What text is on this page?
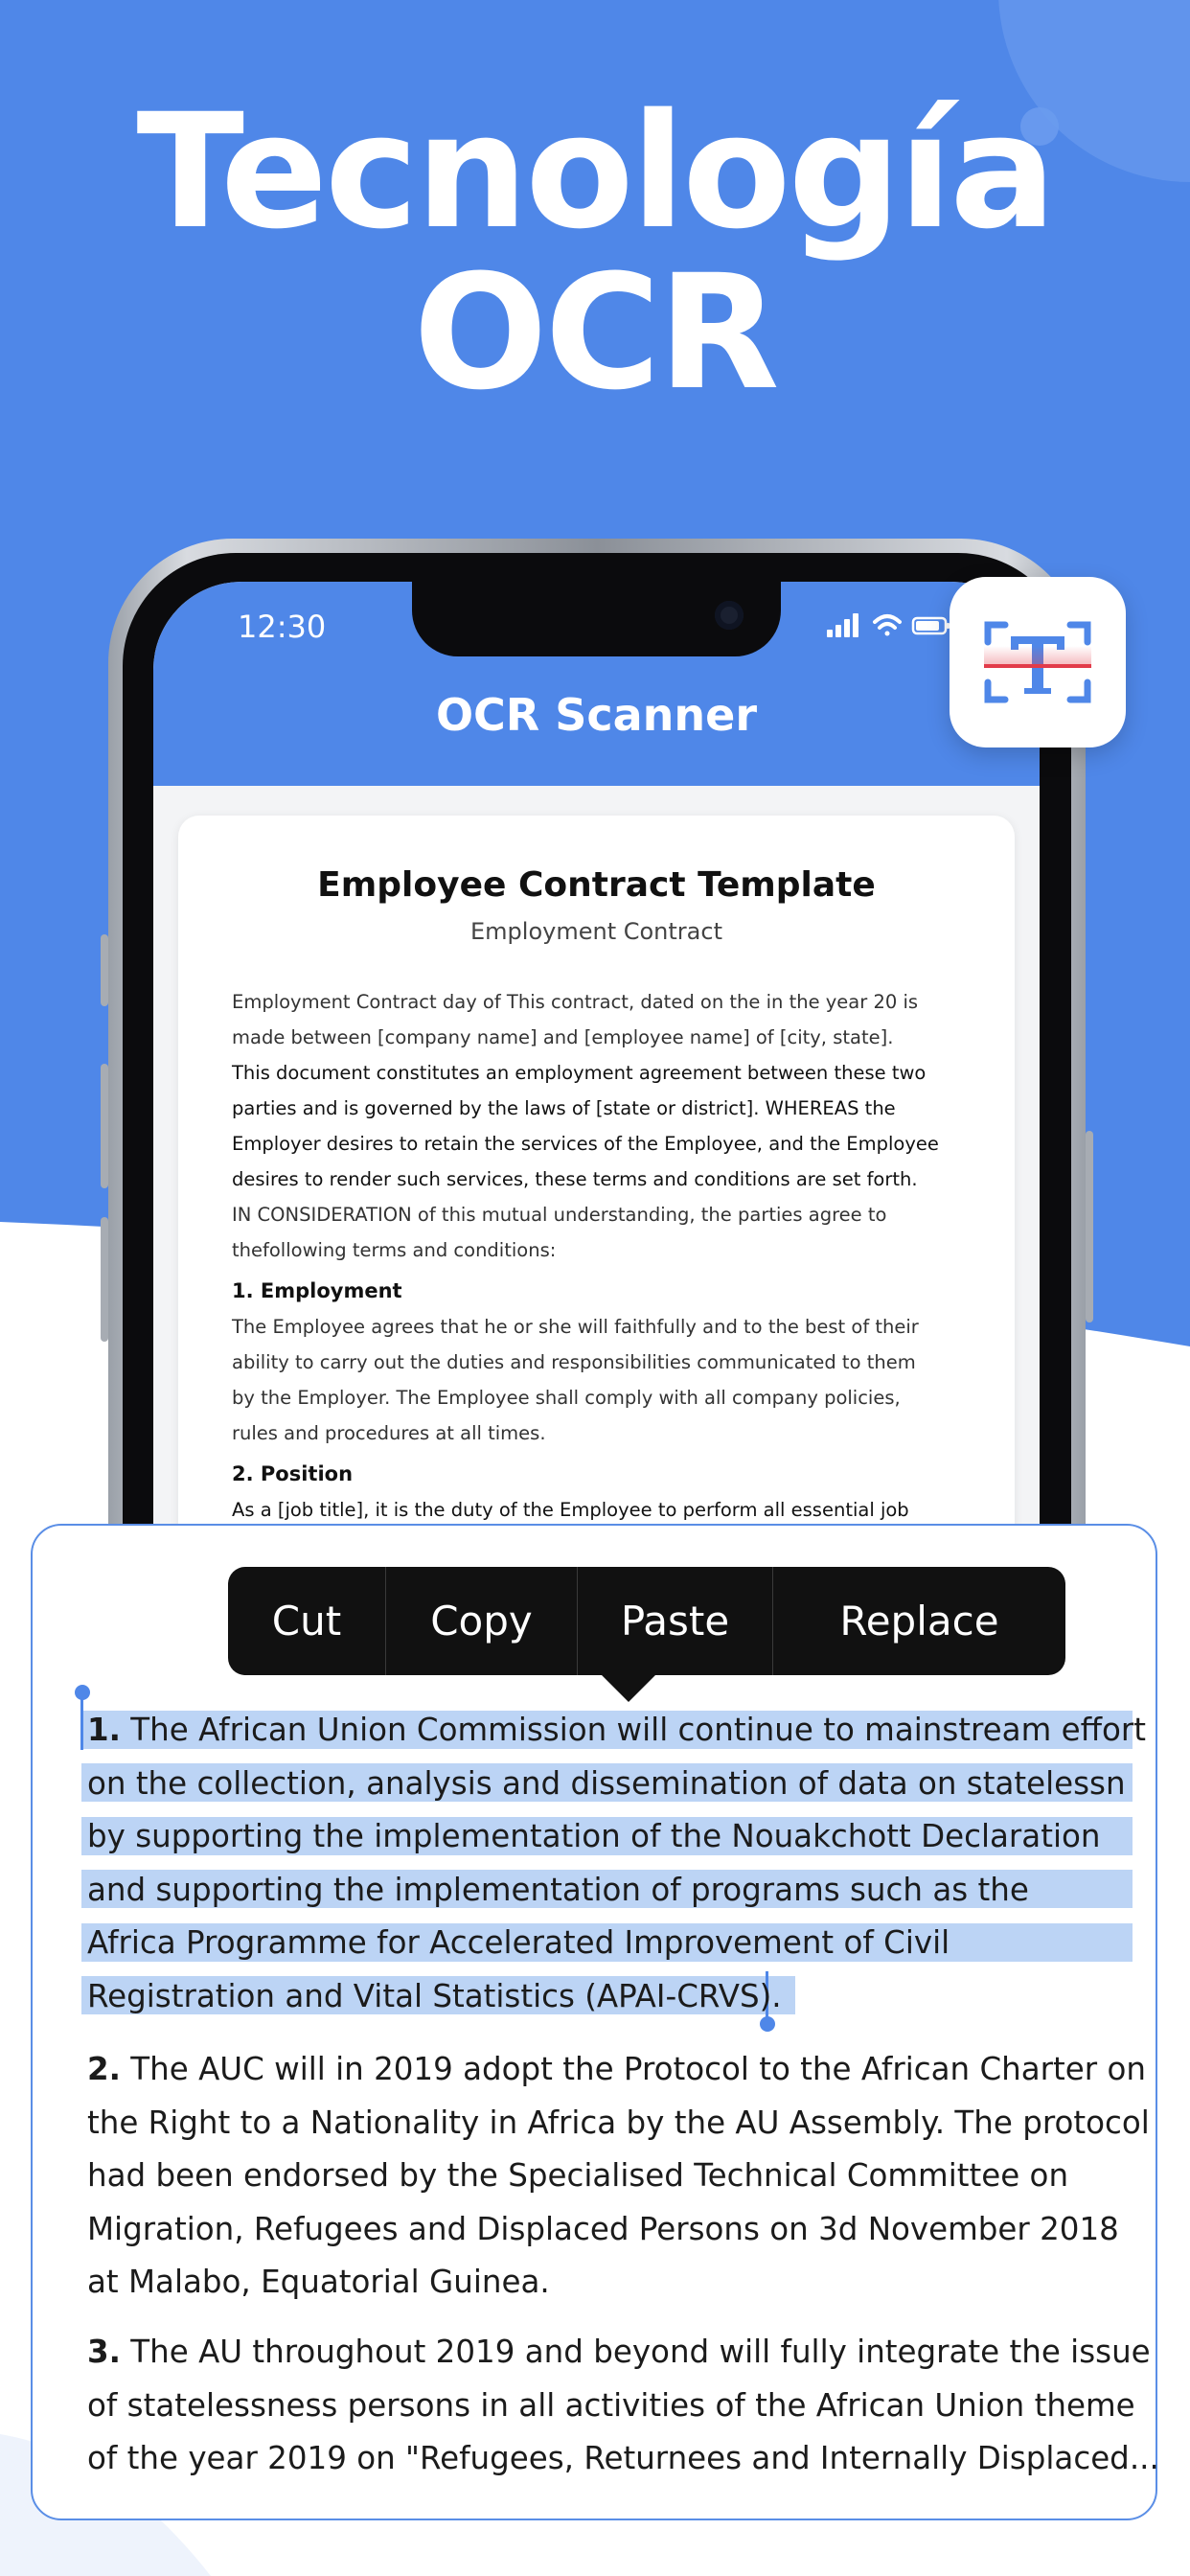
Tecnología
OCR
12:30
OCR Scanner
Employee Contract Template
Employment Contract
Employment Contract day of This contract, dated on the in the year 20 is
made between [company name] and [employee name] of [city, state].
This document constitutes an employment agreement between these two
parties and is governed by the laws of [state or district]. WHEREAS the
Employer desires to retain the services of the Employee, and the Employee
desires to render such services, these terms and conditions are set forth.
IN CONSIDERATION of this mutual understanding, the parties agree to
thefollowing terms and conditions:
1. Employment
The Employee agrees that he or she will faithfully and to the best of their
ability to carry out the duties and responsibilities communicated to them
by the Employer. The Employee shall comply with all company policies,
rules and procedures at all times.
2. Position
As a [job title], it is the duty of the Employee to perform all essential job
Cut	Copy	Paste	Replace
1. The African Union Commission will continue to mainstream effort
on the collection, analysis and dissemination of data on statelessn
by supporting the implementation of the Nouakchott Declaration
and supporting the implementation of programs such as the
Africa Programme for Accelerated Improvement of Civil
Registration and Vital Statistics (APAI-CRVS).
2. The AUC will in 2019 adopt the Protocol to the African Charter on
the Right to a Nationality in Africa by the AU Assembly. The protocol
had been endorsed by the Specialised Technical Committee on
Migration, Refugees and Displaced Persons on 3d November 2018
at Malabo, Equatorial Guinea.
3. The AU throughout 2019 and beyond will fully integrate the issue
of statelessness persons in all activities of the African Union theme
of the year 2019 on "Refugees, Returnees and Internally Displaced...
